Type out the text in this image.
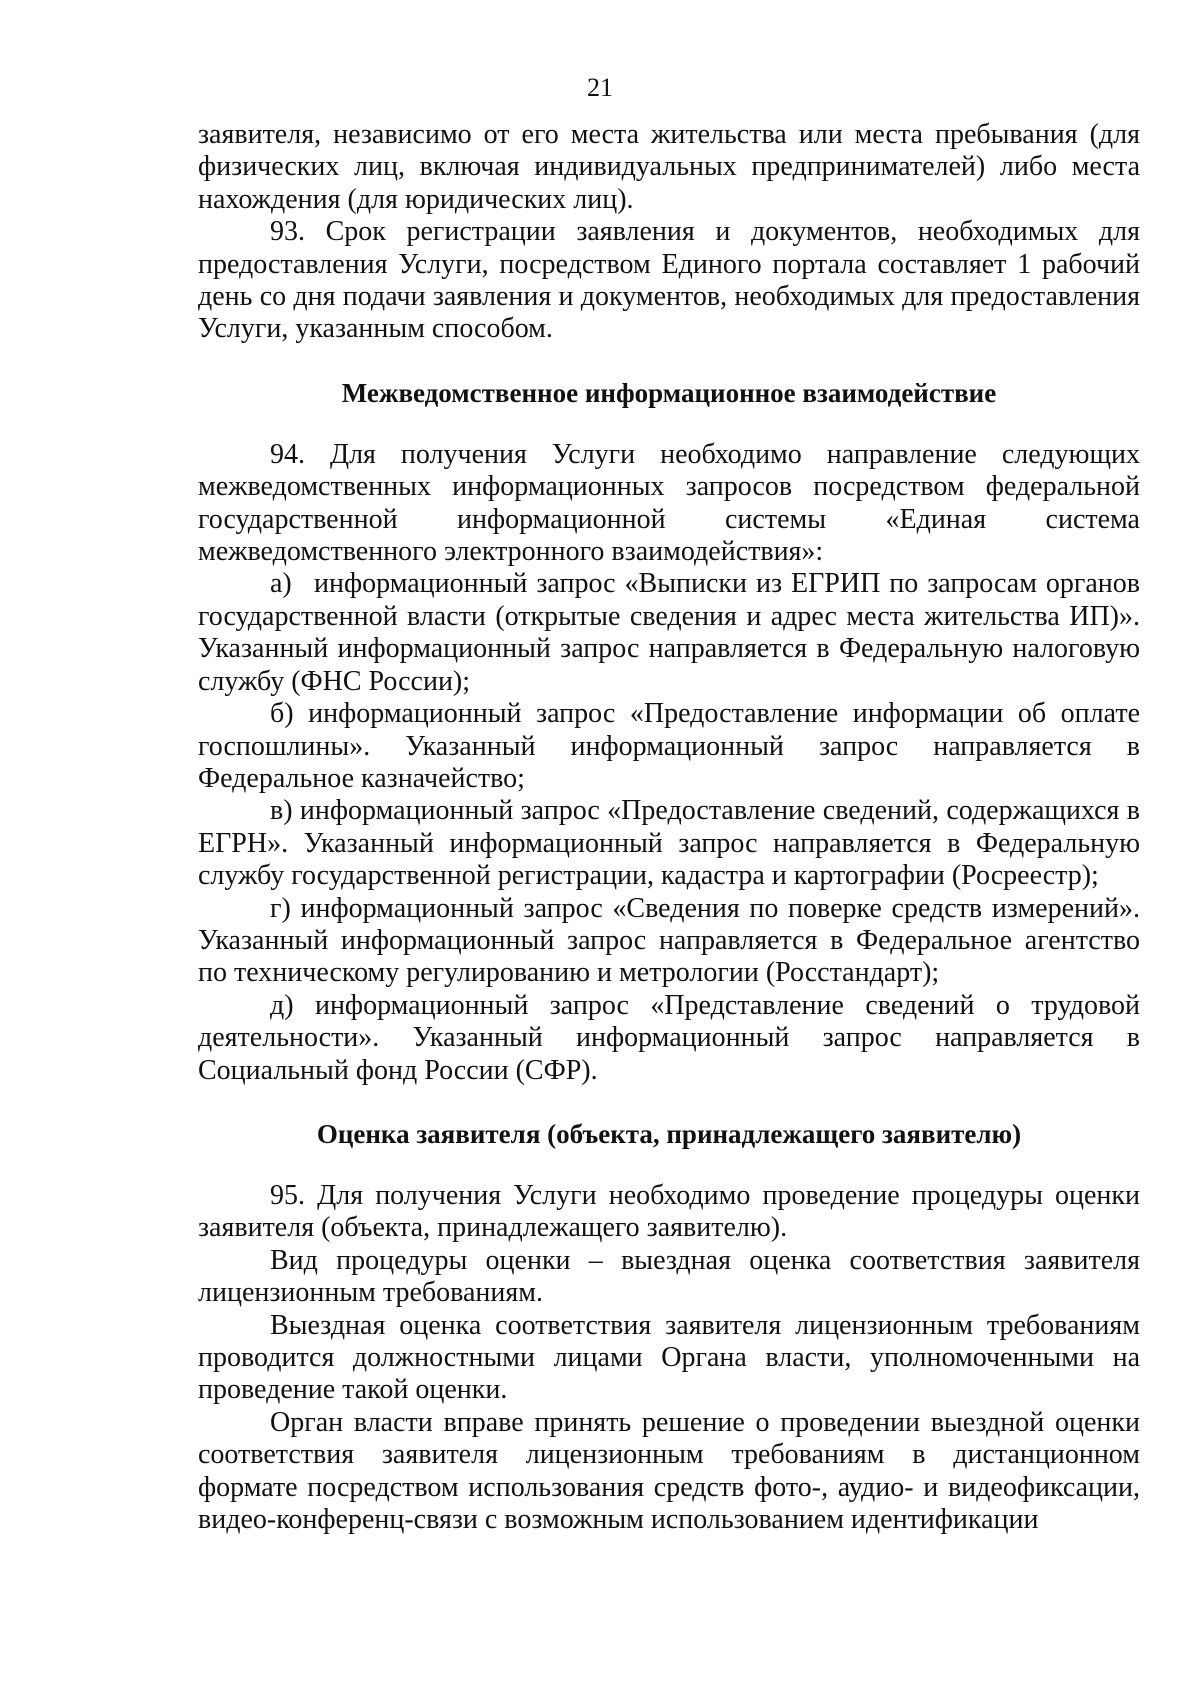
21

заявителя, независимо от его места жительства или места пребывания (для физических лиц, включая индивидуальных предпринимателей) либо места нахождения (для юридических лиц).

93. Срок регистрации заявления и документов, необходимых для предоставления Услуги, посредством Единого портала составляет 1 рабочий день со дня подачи заявления и документов, необходимых для предоставления Услуги, указанным способом.

Межведомственное информационное взаимодействие

94. Для получения Услуги необходимо направление следующих межведомственных информационных запросов посредством федеральной государственной информационной системы «Единая система межведомственного электронного взаимодействия»:

а) информационный запрос «Выписки из ЕГРИП по запросам органов государственной власти (открытые сведения и адрес места жительства ИП)». Указанный информационный запрос направляется в Федеральную налоговую службу (ФНС России);

б) информационный запрос «Предоставление информации об оплате госпошлины». Указанный информационный запрос направляется в Федеральное казначейство;

в) информационный запрос «Предоставление сведений, содержащихся в ЕГРН». Указанный информационный запрос направляется в Федеральную службу государственной регистрации, кадастра и картографии (Росреестр);

г) информационный запрос «Сведения по поверке средств измерений». Указанный информационный запрос направляется в Федеральное агентство по техническому регулированию и метрологии (Росстандарт);

д) информационный запрос «Представление сведений о трудовой деятельности». Указанный информационный запрос направляется в Социальный фонд России (СФР).

Оценка заявителя (объекта, принадлежащего заявителю)

95. Для получения Услуги необходимо проведение процедуры оценки заявителя (объекта, принадлежащего заявителю).

Вид процедуры оценки – выездная оценка соответствия заявителя лицензионным требованиям.

Выездная оценка соответствия заявителя лицензионным требованиям проводится должностными лицами Органа власти, уполномоченными на проведение такой оценки.

Орган власти вправе принять решение о проведении выездной оценки соответствия заявителя лицензионным требованиям в дистанционном формате посредством использования средств фото-, аудио- и видеофиксации, видео-конференц-связи с возможным использованием идентификации
